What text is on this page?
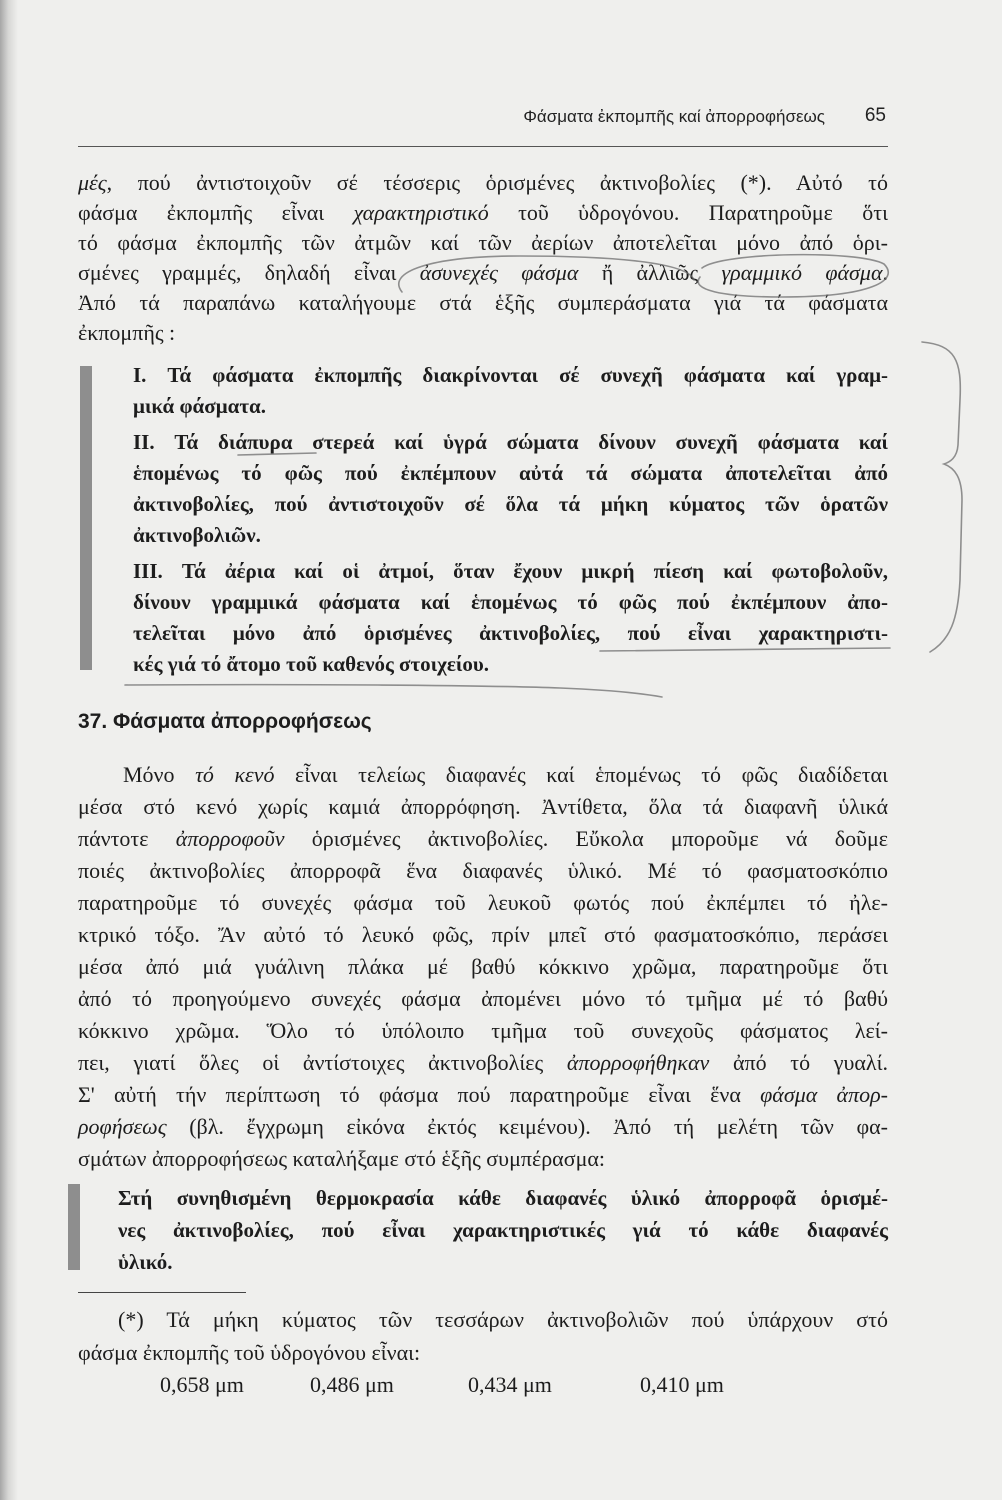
Φάσματα ἐκπομπῆς καί ἀπορροφήσεως 65
μές, πού ἀντιστοιχοῦν σέ τέσσερις ὁρισμένες ἀκτινοβολίες (*). Αὐτό τό
φάσμα ἐκπομπῆς εἶναι χαρακτηριστικό τοῦ ὑδρογόνου. Παρατηροῦμε ὅτι
τό φάσμα ἐκπομπῆς τῶν ἀτμῶν καί τῶν ἀερίων ἀποτελεῖται μόνο ἀπό ὁρι-
σμένες γραμμές, δηλαδή εἶναι ἀσυνεχές φάσμα ἤ ἀλλιῶς γραμμικό φάσμα.
Ἀπό τά παραπάνω καταλήγουμε στά ἑξῆς συμπεράσματα γιά τά φάσματα
ἐκπομπῆς :
I. Τά φάσματα ἐκπομπῆς διακρίνονται σέ συνεχῆ φάσματα καί γραμ-
μικά φάσματα.
II. Τά διάπυρα στερεά καί ὑγρά σώματα δίνουν συνεχῆ φάσματα καί
ἑπομένως τό φῶς πού ἐκπέμπουν αὐτά τά σώματα ἀποτελεῖται ἀπό
ἀκτινοβολίες, πού ἀντιστοιχοῦν σέ ὅλα τά μήκη κύματος τῶν ὁρατῶν
ἀκτινοβολιῶν.
III. Τά ἀέρια καί οἱ ἀτμοί, ὅταν ἔχουν μικρή πίεση καί φωτοβολοῦν,
δίνουν γραμμικά φάσματα καί ἑπομένως τό φῶς πού ἐκπέμπουν ἀπο-
τελεῖται μόνο ἀπό ὁρισμένες ἀκτινοβολίες, πού εἶναι χαρακτηριστι-
κές γιά τό ἄτομο τοῦ καθενός στοιχείου.
37. Φάσματα ἀπορροφήσεως
Μόνο τό κενό εἶναι τελείως διαφανές καί ἑπομένως τό φῶς διαδίδεται
μέσα στό κενό χωρίς καμιά ἀπορρόφηση. Ἀντίθετα, ὅλα τά διαφανῆ ὑλικά
πάντοτε ἀπορροφοῦν ὁρισμένες ἀκτινοβολίες. Εὔκολα μποροῦμε νά δοῦμε
ποιές ἀκτινοβολίες ἀπορροφᾶ ἕνα διαφανές ὑλικό. Μέ τό φασματοσκόπιο
παρατηροῦμε τό συνεχές φάσμα τοῦ λευκοῦ φωτός πού ἐκπέμπει τό ἠλε-
κτρικό τόξο. Ἄν αὐτό τό λευκό φῶς, πρίν μπεῖ στό φασματοσκόπιο, περάσει
μέσα ἀπό μιά γυάλινη πλάκα μέ βαθύ κόκκινο χρῶμα, παρατηροῦμε ὅτι
ἀπό τό προηγούμενο συνεχές φάσμα ἀπομένει μόνο τό τμῆμα μέ τό βαθύ
κόκκινο χρῶμα. Ὅλο τό ὑπόλοιπο τμῆμα τοῦ συνεχοῦς φάσματος λεί-
πει, γιατί ὅλες οἱ ἀντίστοιχες ἀκτινοβολίες ἀπορροφήθηκαν ἀπό τό γυαλί.
Σ' αὐτή τήν περίπτωση τό φάσμα πού παρατηροῦμε εἶναι ἕνα φάσμα ἀπορ-
ροφήσεως (βλ. ἔγχρωμη εἰκόνα ἐκτός κειμένου). Ἀπό τή μελέτη τῶν φα-
σμάτων ἀπορροφήσεως καταλήξαμε στό ἑξῆς συμπέρασμα:
Στή συνηθισμένη θερμοκρασία κάθε διαφανές ὑλικό ἀπορροφᾶ ὁρισμέ-
νες ἀκτινοβολίες, πού εἶναι χαρακτηριστικές γιά τό κάθε διαφανές
ὑλικό.
(*) Τά μήκη κύματος τῶν τεσσάρων ἀκτινοβολιῶν πού ὑπάρχουν στό
φάσμα ἐκπομπῆς τοῦ ὑδρογόνου εἶναι:
0,658 μm	0,486 μm	0,434 μm	0,410 μm
